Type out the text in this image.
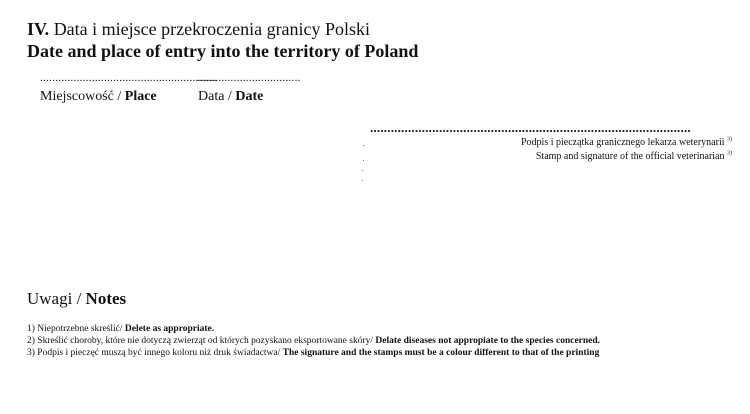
IV. Data i miejsce przekroczenia granicy Polski
Date and place of entry into the territory of Poland
..........................................................
..................................
Miejscowość / Place	Data / Date
.............................................................................................
Podpis i pieczątka granicznego lekarza weterynarii $^{3)}$
Stamp and signature of the official veterinarian $^{3)}$
Uwagi / Notes

1) Niepotrzebne skreślić/ Delete as appropriate.

2) Skreślić choroby, które nie dotyczą zwierząt od których pozyskano eksportowane skóry/ Delate diseases not appropiate to the species concerned.

3) Podpis i pieczęć muszą być innego koloru niż druk świadactwa/ The signature and the stamps must be a colour different to that of the printing
